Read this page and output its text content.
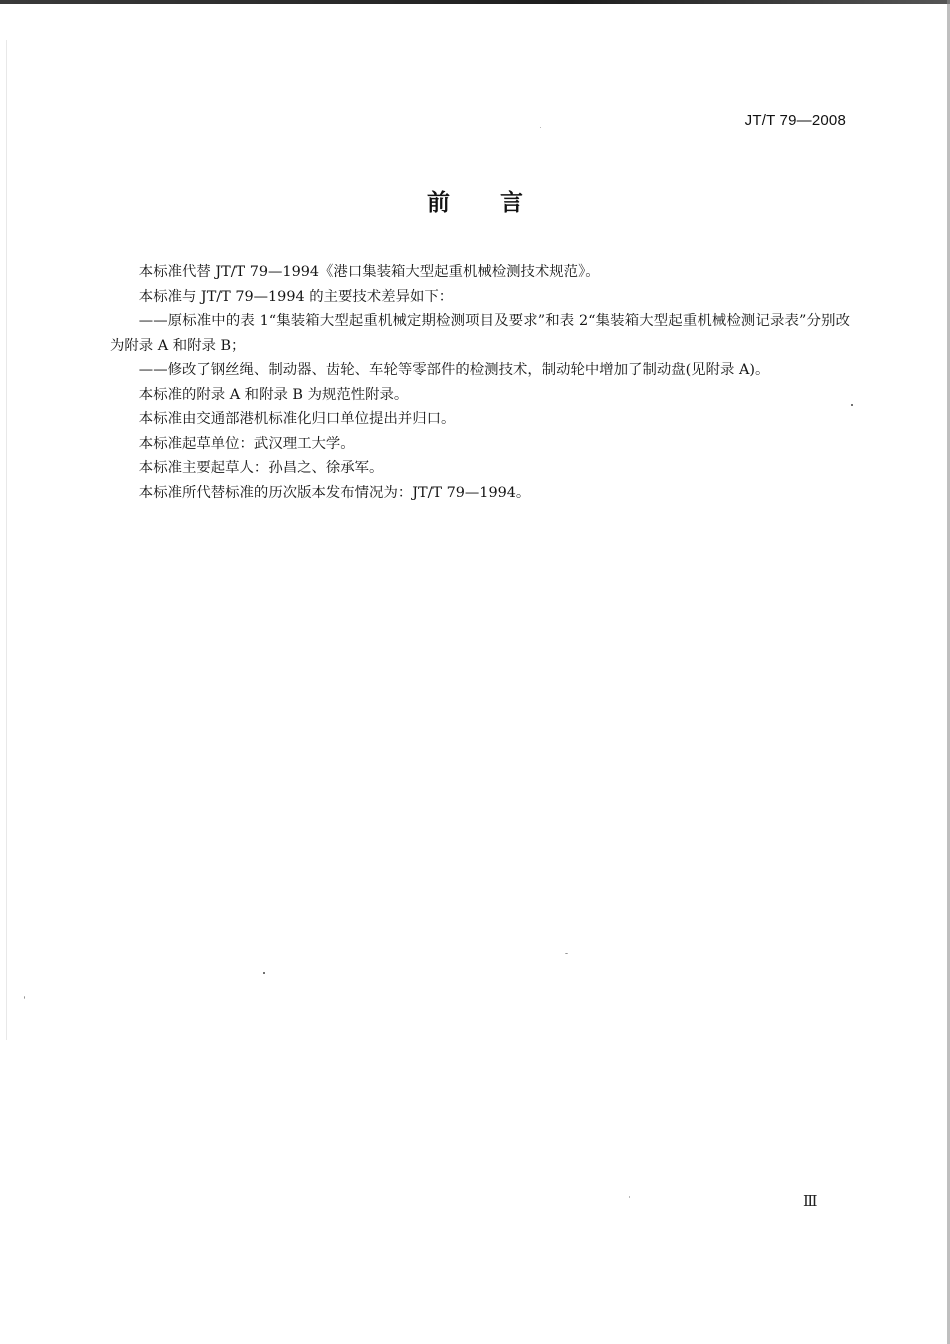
JT/T 79—2008
前言

本标准代替 JT/T 79—1994《港口集装箱大型起重机械检测技术规范》。

本标准与 JT/T 79—1994 的主要技术差异如下：

——原标准中的表 1“集装箱大型起重机械定期检测项目及要求”和表 2“集装箱大型起重机械检测记录表”分别改为附录 A 和附录 B；

——修改了钢丝绳、制动器、齿轮、车轮等零部件的检测技术，制动轮中增加了制动盘(见附录 A)。

本标准的附录 A 和附录 B 为规范性附录。

本标准由交通部港机标准化归口单位提出并归口。

本标准起草单位：武汉理工大学。

本标准主要起草人：孙昌之、徐承军。

本标准所代替标准的历次版本发布情况为：JT/T 79—1994。

Ⅲ
